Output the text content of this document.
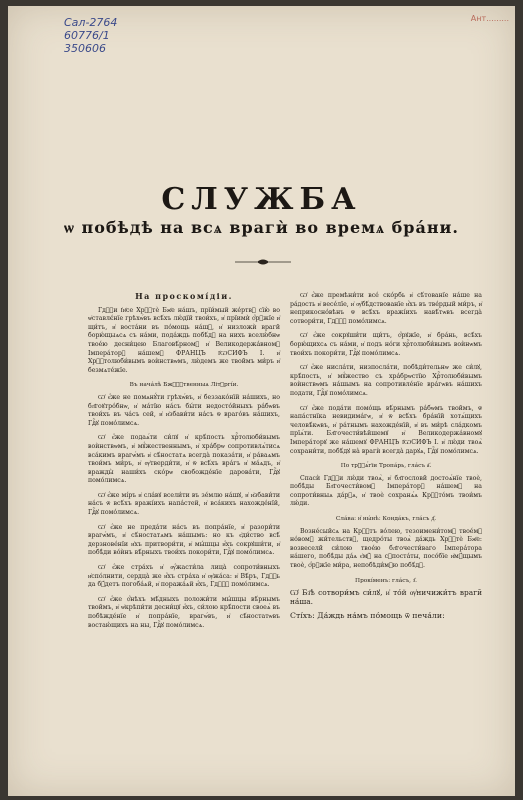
Сал-2764
60776/1
350606
Ант.........
СЛУЖБА
ѡ побѣдѣ на всѧ врагѝ во времѧ бра́ни.

На проскомі́діи.

Гдⷭ҇и І҆и҃се Хрⷭ҇тѐ Бж҃е на́шъ, прїи́мый же́ртвꙋ сїю̀ во ѡ҆ставлє́нїе грѣхѡ́въ всѣ́хъ лю́дїй твои́хъ, и҆ прїимѝ ѻ҆́рꙋжїе и҆ щи́тъ, и҆ воста́ни въ по́мощь на́шꙋ, и҆ низложѝ враги̑ борю́щыѧсѧ съ на́ми, пода́ждь побѣ́дꙋ на нихъ вселю́бнѡ твое́ю десни́цею Благовѣ́рномꙋ и҆ Великодержа́вномꙋ Імпера́торꙋ на́шемꙋ ФРАНЦЪ І͑ѠСИФЪ І. и҆ Хрⷭ҇толюби́вымъ воѝнствѡмъ, лю́демъ же твои̑мъ ми́ръ и҆ безмѧте́жїе.

Въ нача́лѣ Бж҃ⷭ҇твенныѧ Літꙋргі́и.

Ѡ҆ є҆́же не помѧнꙋ́ти грѣхѡ́въ, и҆ беззако́нїй на́шихъ, но бл҃гоꙋтро́бнѡ, и҆ ма́тїю на́съ бы́ти недосто́йныхъ ра́бѡвъ твои́хъ въ ча́съ сей, и҆ и҆збави́ти на́съ ѿ враго́въ на́шихъ, Гдⷭ҇ꙋ помо́лимсѧ.

Ѡ҆ є҆́же подаѧ́ти си́лꙋ и҆ крѣ́пость хрⷭ҇толюби́вымъ воѝнствѡмъ, и҆ мꙋ́жественнымъ, и҆ хра́брѡ сопротивлѧ́тисѧ вса́кимъ врагѡ́мъ и҆ сѣ́ностатѧ всегда̀ показа́ти, и҆ ра́ваѧмъ твои́мъ ми́ръ, и҆ ѹ҆тверди́ти, и҆ ѿ всѣ́хъ вра́гъ и҆ ма́ѧдъ, и҆ вражды̀ наши́хъ ско́рѡ свобожде́нїе дарова́ти, Гдⷭ҇ꙋ помо́лимсѧ.

Ѡ҆ є҆́же мі́ръ и҆ сла́вꙋ всели́ти въ зе́млю на́шꙋ, и҆ и҆збави́ти на́съ ѿ всѣ́хъ вражі́ихъ напа́стей, и҆ вса́кихъ нахожде́нїй, Гдⷭ҇ꙋ помо́лимсѧ.

Ѡ҆ є҆́же не преда́ти на́съ въ попра́нїе, и҆ разори́ти врагѡ́мъ, и҆ сѣ́ностатѧмъ на́шымъ: но къ є҆ди́ство всѣ́ дерзнове́нїи и҆хъ притвори́ти, и҆ мы́шцы и҆́хъ сокрꙋши́ти, и҆ побѣ̀ди во́ѝнъ вѣ́рныхъ твои́хъ покори́ти, Гдⷭ҇ꙋ помо́лимсѧ.

Ѡ҆ є҆́же стра́хъ и҆ ѹ҆́жасти́ла лица̀ сопроти́вныхъ и҆спо́лнити, сердца̀ же и҆́хъ стра́ха и҆ ѹ҆жа́са: и҆ Вѣ́ръ, Гдⷭ҇ь да бꙋ́детъ погоба́ѧй, и҆ поража́ѧй и҆́хъ, Гдⷭ҇ꙋ помо́лимсѧ.

Ѡ҆ є҆́же ѻ҆́нѣхъ мѣ́дныхъ положи́ти мы́шцы вѣ́рнымъ твои̑мъ, и҆ ѡ҆крѣпи́ти десни́цꙋ и҆́хъ, си́лою крѣ́пости своеѧ̀ въ побѣжде́нїе и҆ попра́нїе, врагѡ́въ, и҆ сѣ́ностатѡвъ востаю́щихъ на ны, Гдⷭ҇ꙋ помо́лимсѧ.

Ѡ҆ є҆́же премѣни́ти все́ ско́рбь и҆ сѣ́тованїе на́ше на ра́дость и҆ весе́лїе, и҆ ѹ҆бѣ́дствованїе и҆́хъ въ тве́рдый ми́ръ, и҆ неприкосно́вѣнъ ѿ всѣ́хъ вражі́ихъ навѣ́тѡвъ всегда̀ сотвори́ти, Гдⷭ҇ꙋ помо́лимсѧ.

Ѡ҆ є҆́же сокрꙋши́ти щи́тъ, ѻ҆́рꙋжїе, и҆ бра́нь, всѣ́хъ борю́щихсѧ съ на́ми, и҆ подъ но́ги хрⷭ҇толюби́вымъ воѝнѡмъ твои́хъ покори́ти, Гдⷭ҇ꙋ помо́лимсѧ.

Ѡ҆ є҆́же нисла́ти, низпосла́ти, побѣди́тельнѡ же си́лꙋ, крѣ́пость, и҆ мꙋ́жество съ хра́брѡстїю Хрⷭ҇толюби́вымъ воѝнствѡмъ на́шымъ на сопротивле́нїе вра́гѡвъ на́шихъ подати, Гдⷭ҇ꙋ помо́лимсѧ.

Ѡ҆ є҆́же пода́ти помо́щь вѣ́рнымъ ра́бѡмъ твои̑мъ, ѿ напа́стнїка невидима́гѡ, и҆ ѿ всѣ́хъ бра́нїй хотѧ́щихъ человѣ́кѡвъ, и҆ ра́тнымъ нахожде́нїй, и҆ въ ми́рѣ сла́дкомъ прїѧ́ти. Бл҃гочести́вѣйшемꙋ и҆ Великодержа́вномꙋ Імпера́торꙋ же на́шемꙋ ФРАНЦЪ І͑ѠСИФЪ І. и҆ лю́ди твоѧ̀ сохрани́ти, побѣ́дꙋ на̀ врагѝ всегда̀ дарꙋѧ, Гдⷭ҇ꙋ помо́лимсѧ.

По трⷭ҇ѧ́гїи Тропа́рь, гла́съ а҃.

Спасѝ Гдⷭ҇и лю́ди твоѧ̀, и҆ бл҃гослови̑ достоѧ́нїе твоѐ, побѣ̀ды Бл҃гочести́вомꙋ Імпера́торꙋ на́шемꙋ на сопроти́вныѧ да́рꙋѧ, и҆ твоѐ сохранѧ́ѧ Крⷭ҇то́мъ твои́мъ лю́ди.

Сла́ва: и҆ ны́нѣ: Конда́къ, гла́съ д҃.

Возне́сыйсѧ на Крⷭ҇тъ во́лею, тезоимени́томꙋ твое́мꙋ но́вомꙋ жи́тельствꙋ, щедро́ты твоѧ̀ да́ждь Хрⷭ҇тѐ Бж҃е: возвесели̑ си́лою твое́ю бл҃гочести́ваго Імпера́тора на́шего, побѣ̀ды да́ѧ є҆мꙋ̀ на сꙋпоста́ты, посо́бїе и҆мꙋ́щымъ твоѐ, ѻ҆́рꙋжїе ми́ра, непобѣди́мꙋю побѣ́дꙋ.

Прокі́менъ: гла́съ, з҃.

Ѡ҆ Бз҃ѣ сотвори́мъ си́лꙋ, и҆ то́й ѹ҆ничижи́тъ враги̑ на́ша.

Сті́хъ: Да́ждь на́мъ по́мощь ѿ печа́ли:
